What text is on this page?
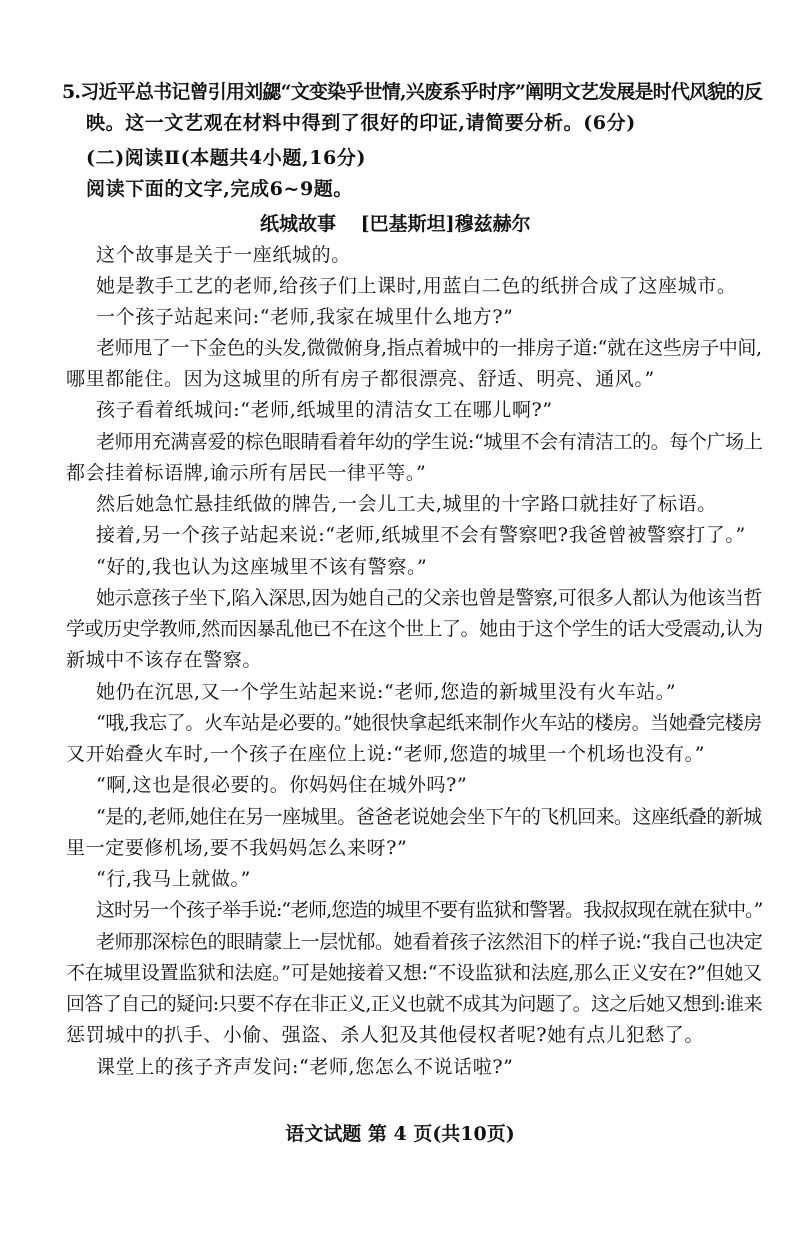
5.习近平总书记曾引用刘勰“文变染乎世情,兴废系乎时序”阐明文艺发展是时代风貌的反
映。这一文艺观在材料中得到了很好的印证,请简要分析。(6分)
(二)阅读Ⅱ(本题共4小题,16分)
阅读下面的文字,完成6~9题。
纸城故事 [巴基斯坦]穆兹赫尔
这个故事是关于一座纸城的。
她是教手工艺的老师,给孩子们上课时,用蓝白二色的纸拼合成了这座城市。
一个孩子站起来问:“老师,我家在城里什么地方?”
老师甩了一下金色的头发,微微俯身,指点着城中的一排房子道:“就在这些房子中间,
哪里都能住。因为这城里的所有房子都很漂亮、舒适、明亮、通风。”
孩子看着纸城问:“老师,纸城里的清洁女工在哪儿啊?”
老师用充满喜爱的棕色眼睛看着年幼的学生说:“城里不会有清洁工的。每个广场上
都会挂着标语牌,谕示所有居民一律平等。”
然后她急忙悬挂纸做的牌告,一会儿工夫,城里的十字路口就挂好了标语。
接着,另一个孩子站起来说:“老师,纸城里不会有警察吧?我爸曾被警察打了。”
“好的,我也认为这座城里不该有警察。”
她示意孩子坐下,陷入深思,因为她自己的父亲也曾是警察,可很多人都认为他该当哲
学或历史学教师,然而因暴乱他已不在这个世上了。她由于这个学生的话大受震动,认为
新城中不该存在警察。
她仍在沉思,又一个学生站起来说:“老师,您造的新城里没有火车站。”
“哦,我忘了。火车站是必要的。”她很快拿起纸来制作火车站的楼房。当她叠完楼房
又开始叠火车时,一个孩子在座位上说:“老师,您造的城里一个机场也没有。”
“啊,这也是很必要的。你妈妈住在城外吗?”
“是的,老师,她住在另一座城里。爸爸老说她会坐下午的飞机回来。这座纸叠的新城
里一定要修机场,要不我妈妈怎么来呀?”
“行,我马上就做。”
这时另一个孩子举手说:“老师,您造的城里不要有监狱和警署。我叔叔现在就在狱中。”
老师那深棕色的眼睛蒙上一层忧郁。她看着孩子泫然泪下的样子说:“我自己也决定
不在城里设置监狱和法庭。”可是她接着又想:“不设监狱和法庭,那么正义安在?”但她又
回答了自己的疑问:只要不存在非正义,正义也就不成其为问题了。这之后她又想到:谁来
惩罚城中的扒手、小偷、强盗、杀人犯及其他侵权者呢?她有点儿犯愁了。
课堂上的孩子齐声发问:“老师,您怎么不说话啦?”
语文试题 第 4 页(共10页)
